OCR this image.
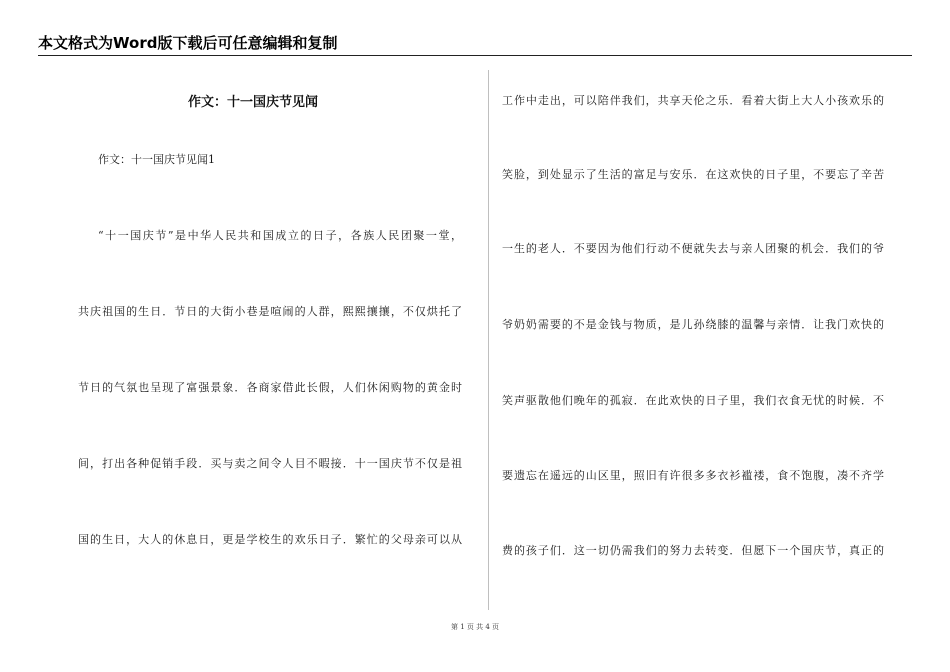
本文格式为Word版下载后可任意编辑和复制
作文：十一国庆节见闻
作文：十一国庆节见闻1
“十一国庆节”是中华人民共和国成立的日子，各族人民团聚一堂，
共庆祖国的生日．节日的大街小巷是喧闹的人群，熙熙攘攘，不仅烘托了
节日的气氛也呈现了富强景象．各商家借此长假，人们休闲购物的黄金时
间，打出各种促销手段．买与卖之间令人目不暇接．十一国庆节不仅是祖
国的生日，大人的休息日，更是学校生的欢乐日子．繁忙的父母亲可以从
工作中走出，可以陪伴我们，共享天伦之乐．看着大街上大人小孩欢乐的
笑脸，到处显示了生活的富足与安乐．在这欢快的日子里，不要忘了辛苦
一生的老人．不要因为他们行动不便就失去与亲人团聚的机会．我们的爷
爷奶奶需要的不是金钱与物质，是儿孙绕膝的温馨与亲情．让我门欢快的
笑声驱散他们晚年的孤寂．在此欢快的日子里，我们衣食无忧的时候．不
要遗忘在遥远的山区里，照旧有许很多多衣衫褴褛，食不饱腹，凑不齐学
费的孩子们．这一切仍需我们的努力去转变．但愿下一个国庆节，真正的
第 1 页 共 4 页
